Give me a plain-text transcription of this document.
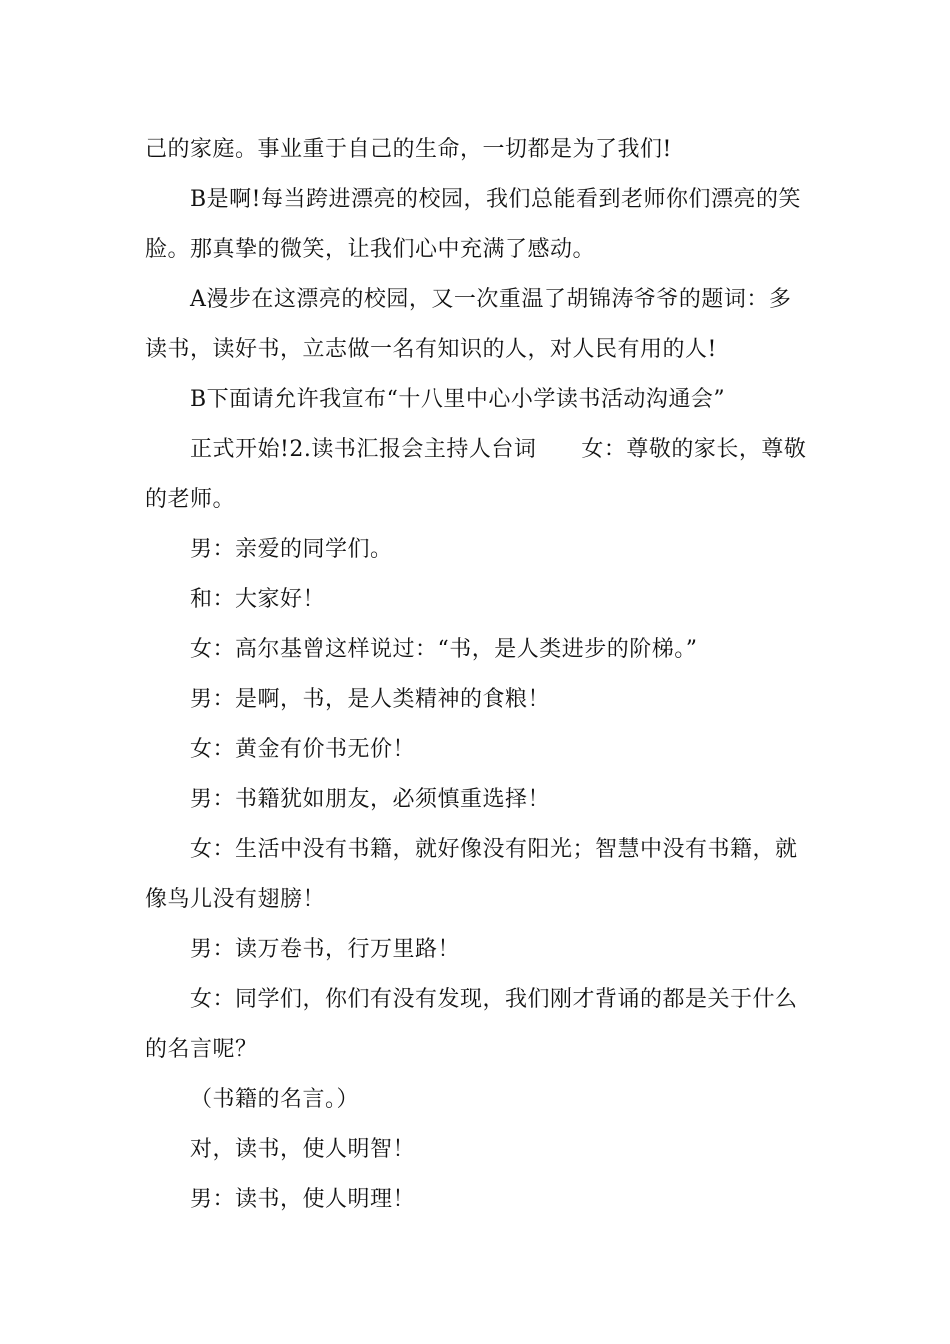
己的家庭。事业重于自己的生命，一切都是为了我们!
B是啊!每当跨进漂亮的校园，我们总能看到老师你们漂亮的笑
脸。那真挚的微笑，让我们心中充满了感动。
A漫步在这漂亮的校园，又一次重温了胡锦涛爷爷的题词：多
读书，读好书，立志做一名有知识的人，对人民有用的人!
B下面请允许我宣布“十八里中心小学读书活动沟通会”
正式开始!2.读书汇报会主持人台词　　女：尊敬的家长，尊敬
的老师。
男：亲爱的同学们。
和：大家好！
女：高尔基曾这样说过：“书，是人类进步的阶梯。”
男：是啊，书，是人类精神的食粮！
女：黄金有价书无价！
男：书籍犹如朋友，必须慎重选择！
女：生活中没有书籍，就好像没有阳光；智慧中没有书籍，就
像鸟儿没有翅膀！
男：读万卷书，行万里路！
女：同学们，你们有没有发现，我们刚才背诵的都是关于什么
的名言呢？
（书籍的名言。）
对，读书，使人明智！
男：读书，使人明理！
